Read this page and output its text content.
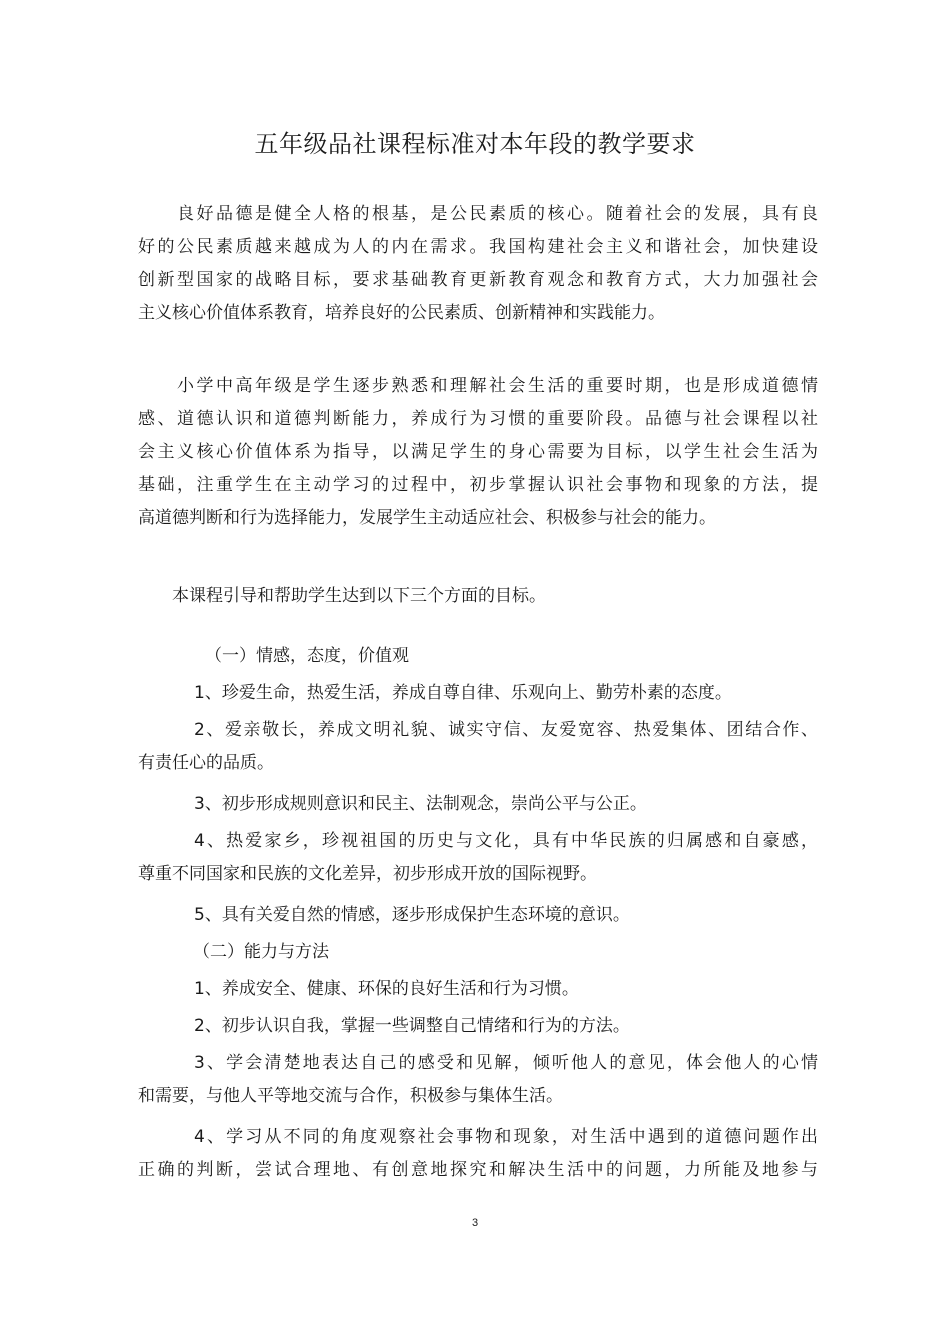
五年级品社课程标准对本年段的教学要求
　　良好品德是健全人格的根基，是公民素质的核心。随着社会的发展，具有良
好的公民素质越来越成为人的内在需求。我国构建社会主义和谐社会，加快建设
创新型国家的战略目标，要求基础教育更新教育观念和教育方式，大力加强社会
主义核心价值体系教育，培养良好的公民素质、创新精神和实践能力。
　　小学中高年级是学生逐步熟悉和理解社会生活的重要时期，也是形成道德情
感、道德认识和道德判断能力，养成行为习惯的重要阶段。品德与社会课程以社
会主义核心价值体系为指导，以满足学生的身心需要为目标，以学生社会生活为
基础，注重学生在主动学习的过程中，初步掌握认识社会事物和现象的方法，提
高道德判断和行为选择能力，发展学生主动适应社会、积极参与社会的能力。
　　本课程引导和帮助学生达到以下三个方面的目标。
（一）情感，态度，价值观
1、珍爱生命，热爱生活，养成自尊自律、乐观向上、勤劳朴素的态度。
2、爱亲敬长，养成文明礼貌、诚实守信、友爱宽容、热爱集体、团结合作、
有责任心的品质。
3、初步形成规则意识和民主、法制观念，崇尚公平与公正。
4、热爱家乡，珍视祖国的历史与文化，具有中华民族的归属感和自豪感，
尊重不同国家和民族的文化差异，初步形成开放的国际视野。
5、具有关爱自然的情感，逐步形成保护生态环境的意识。
（二）能力与方法
1、养成安全、健康、环保的良好生活和行为习惯。
2、初步认识自我，掌握一些调整自己情绪和行为的方法。
3、学会清楚地表达自己的感受和见解，倾听他人的意见，体会他人的心情
和需要，与他人平等地交流与合作，积极参与集体生活。
4、学习从不同的角度观察社会事物和现象，对生活中遇到的道德问题作出
正确的判断，尝试合理地、有创意地探究和解决生活中的问题，力所能及地参与
3
